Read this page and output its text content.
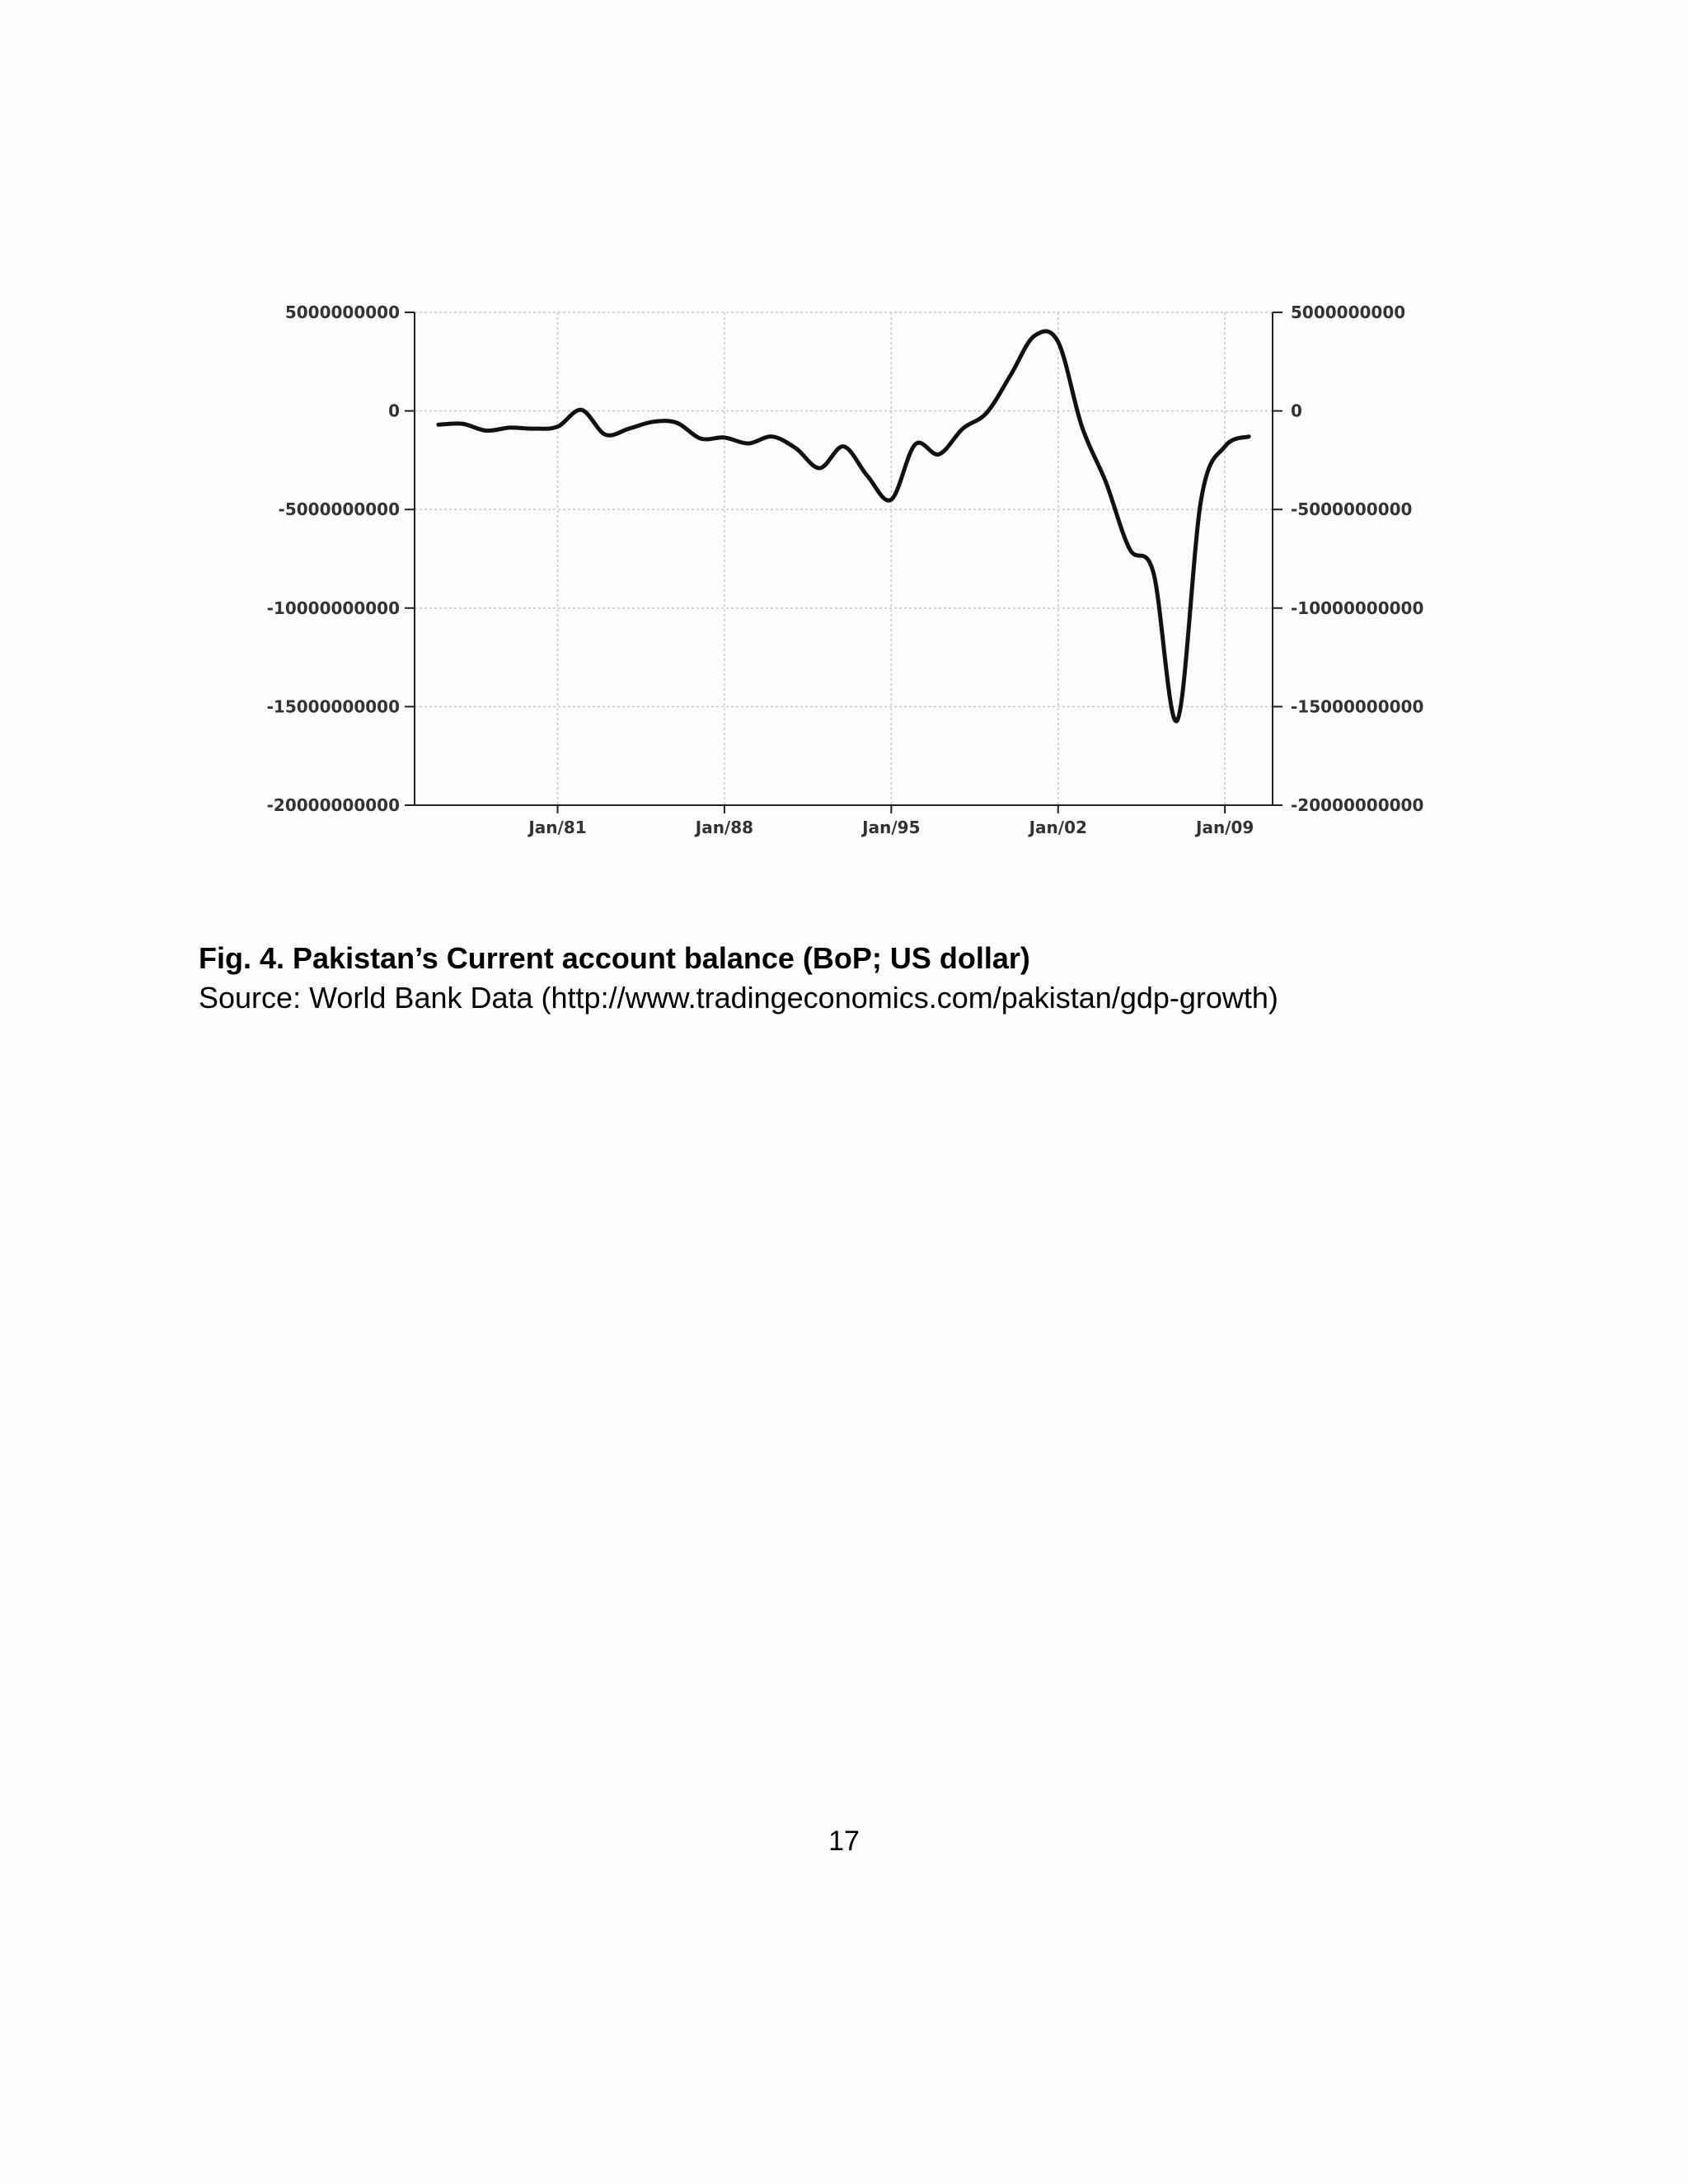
5000000000	5000000000
0	0
-5000000000	-5000000000
-10000000000	-10000000000
-15000000000	-15000000000
-20000000000	-20000000000
Jan/81	Jan/88	Jan/95	Jan/02	Jan/09
Fig. 4. Pakistan’s Current account balance (BoP; US dollar)
Source: World Bank Data (http://www.tradingeconomics.com/pakistan/gdp-growth)
17
